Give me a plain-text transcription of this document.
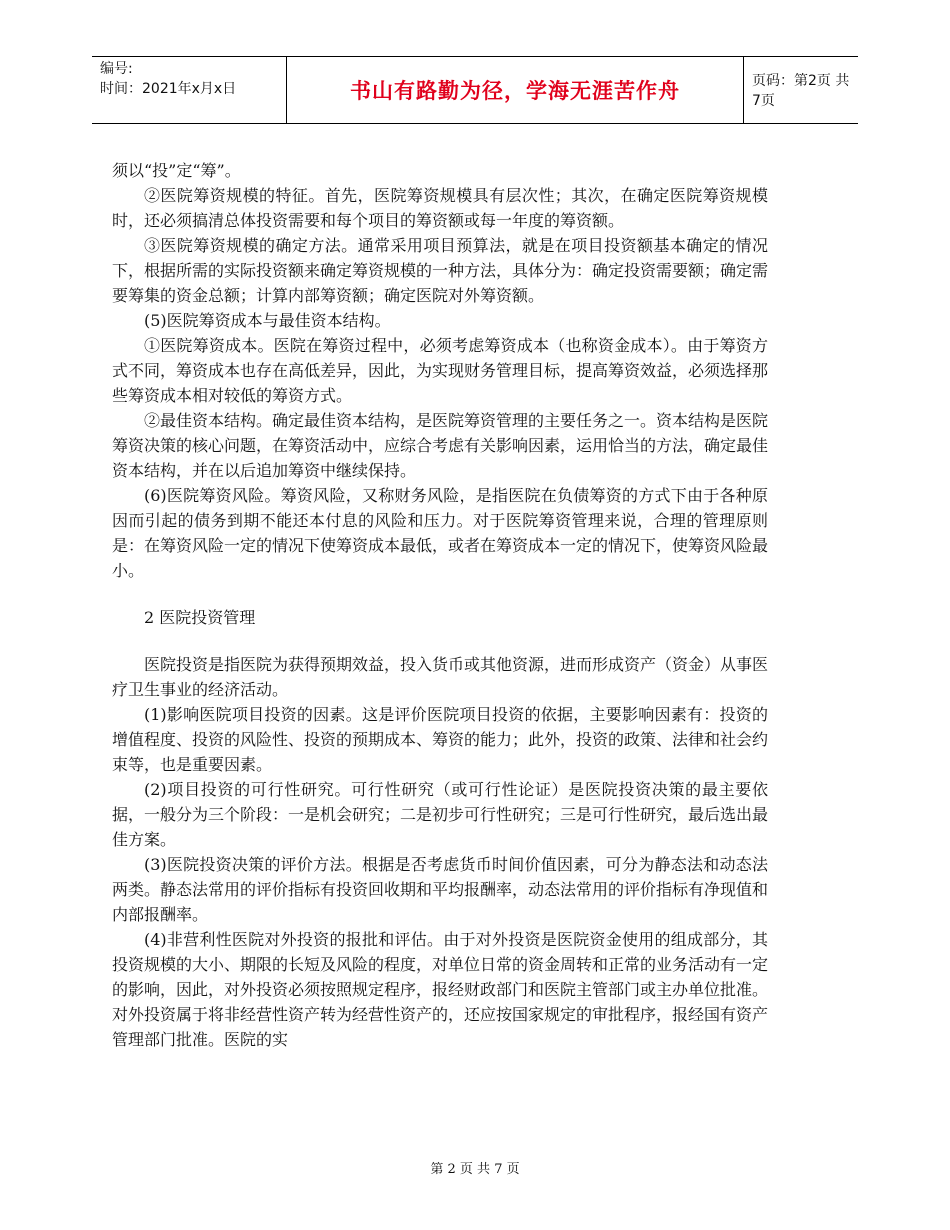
编号:
时间：2021年x月x日	书山有路勤为径，学海无涯苦作舟	页码：第2页 共7页

须以“投”定“筹”。

②医院筹资规模的特征。首先，医院筹资规模具有层次性；其次，在确定医院筹资规模时，还必须搞清总体投资需要和每个项目的筹资额或每一年度的筹资额。

③医院筹资规模的确定方法。通常采用项目预算法，就是在项目投资额基本确定的情况下，根据所需的实际投资额来确定筹资规模的一种方法，具体分为：确定投资需要额；确定需要筹集的资金总额；计算内部筹资额；确定医院对外筹资额。

(5)医院筹资成本与最佳资本结构。

①医院筹资成本。医院在筹资过程中，必须考虑筹资成本（也称资金成本）。由于筹资方式不同，筹资成本也存在高低差异，因此，为实现财务管理目标，提高筹资效益，必须选择那些筹资成本相对较低的筹资方式。

②最佳资本结构。确定最佳资本结构，是医院筹资管理的主要任务之一。资本结构是医院筹资决策的核心问题，在筹资活动中，应综合考虑有关影响因素，运用恰当的方法，确定最佳资本结构，并在以后追加筹资中继续保持。

(6)医院筹资风险。筹资风险，又称财务风险，是指医院在负债筹资的方式下由于各种原因而引起的债务到期不能还本付息的风险和压力。对于医院筹资管理来说，合理的管理原则是：在筹资风险一定的情况下使筹资成本最低，或者在筹资成本一定的情况下，使筹资风险最小。

2 医院投资管理

医院投资是指医院为获得预期效益，投入货币或其他资源，进而形成资产（资金）从事医疗卫生事业的经济活动。

(1)影响医院项目投资的因素。这是评价医院项目投资的依据，主要影响因素有：投资的增值程度、投资的风险性、投资的预期成本、筹资的能力；此外，投资的政策、法律和社会约束等，也是重要因素。

(2)项目投资的可行性研究。可行性研究（或可行性论证）是医院投资决策的最主要依据，一般分为三个阶段：一是机会研究；二是初步可行性研究；三是可行性研究，最后选出最佳方案。

(3)医院投资决策的评价方法。根据是否考虑货币时间价值因素，可分为静态法和动态法两类。静态法常用的评价指标有投资回收期和平均报酬率，动态法常用的评价指标有净现值和内部报酬率。

(4)非营利性医院对外投资的报批和评估。由于对外投资是医院资金使用的组成部分，其投资规模的大小、期限的长短及风险的程度，对单位日常的资金周转和正常的业务活动有一定的影响，因此，对外投资必须按照规定程序，报经财政部门和医院主管部门或主办单位批准。对外投资属于将非经营性资产转为经营性资产的，还应按国家规定的审批程序，报经国有资产管理部门批准。医院的实

第 2 页 共 7 页
